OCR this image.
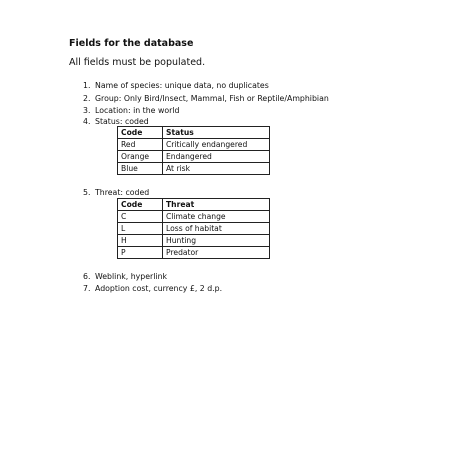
Fields for the database

All fields must be populated.

1. Name of species: unique data, no duplicates
2. Group: Only Bird/Insect, Mammal, Fish or Reptile/Amphibian
3. Location: in the world
4. Status: coded
Code	Status
Red	Critically endangered
Orange	Endangered
Blue	At risk
5. Threat: coded
Code	Threat
C	Climate change
L	Loss of habitat
H	Hunting
P	Predator
6. Weblink, hyperlink
7. Adoption cost, currency £, 2 d.p.
